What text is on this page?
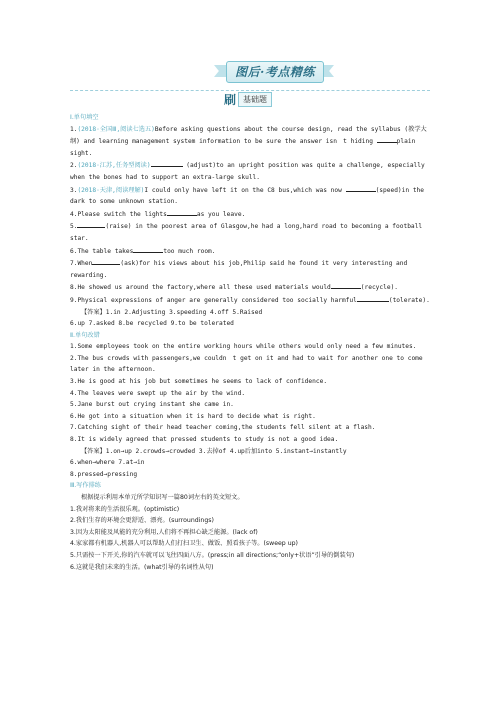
图后·考点精练
刷 基础题

Ⅰ.单句填空

1.(2018·全国Ⅲ,阅读七选五)Before asking questions about the course design, read the syllabus (教学大纲) and learning management system information to be sure the answer isn　t hiding	plain sight.

2.(2018·江苏,任务型阅读)	(adjust)to an upright position was quite a challenge, especially when the bones had to support an extra-large skull.

3.(2018·天津,阅读理解)I could only have left it on the C8 bus,which was now	(speed)in the dark to some unknown station.

4.Please switch the lights	as you leave.

5.	(raise) in the poorest area of Glasgow,he had a long,hard road to becoming a football star.

6.The table takes	too much room.

7.When	(ask)for his views about his job,Philip said he found it very interesting and rewarding.

8.He showed us around the factory,where all these used materials would	(recycle).

9.Physical expressions of anger are generally considered too socially harmful	(tolerate).

【答案】1.in 2.Adjusting 3.speeding 4.off 5.Raised

6.up 7.asked 8.be recycled 9.to be tolerated

Ⅱ.单句改错

1.Some employees took on the entire working hours while others would only need a few minutes.

2.The bus crowds with passengers,we couldn　t get on it and had to wait for another one to come later in the afternoon.

3.He is good at his job but sometimes he seems to lack of confidence.

4.The leaves were swept up the air by the wind.

5.Jane burst out crying instant she came in.

6.He got into a situation when it is hard to decide what is right.

7.Catching sight of their head teacher coming,the students fell silent at a flash.

8.It is widely agreed that pressed students to study is not a good idea.

【答案】1.on→up 2.crowds→crowded 3.去掉of 4.up后加into 5.instant→instantly

6.when→where 7.at→in

8.pressed→pressing

Ⅲ.写作排练

根据提示利用本单元所学知识写一篇80词左右的英文短文。

1.我对将来的生活很乐观。(optimistic)

2.我们生存的环境会更舒适、漂亮。(surroundings)

3.因为太阳能及风能的充分利用,人们将不再担心缺乏能源。(lack of)

4.家家都有机器人,机器人可以帮助人们打扫卫生、做饭、照看孩子等。(sweep up)

5.只需按一下开关,你的汽车就可以飞往四面八方。(press;in all directions;“only+状语”引导的倒装句)

6.这就是我们未来的生活。(what引导的名词性从句)
